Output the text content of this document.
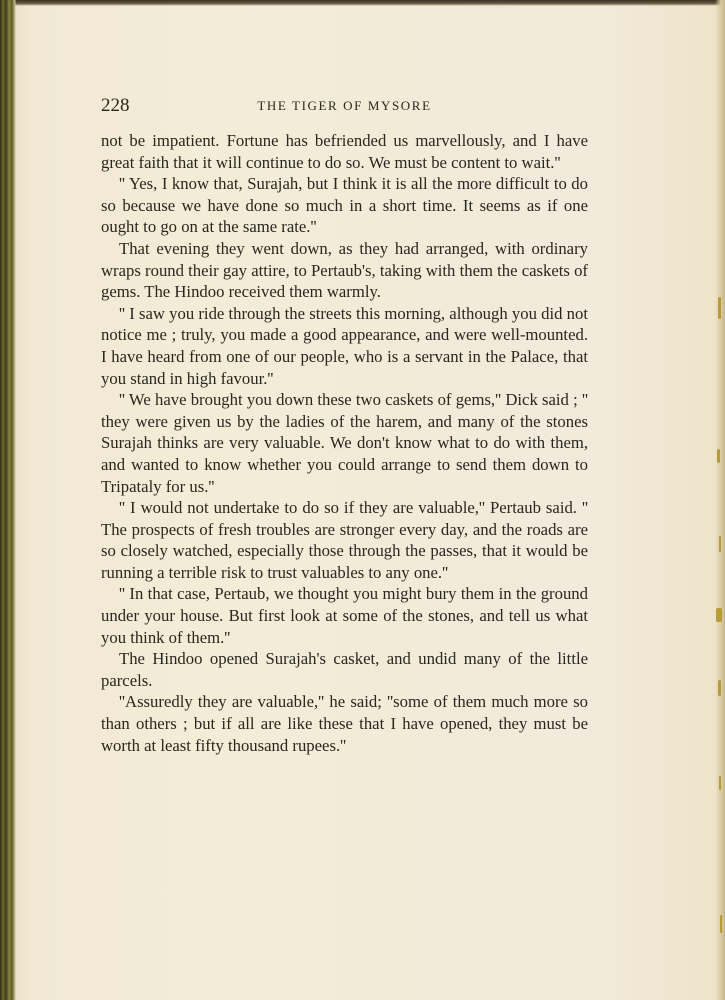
228	THE TIGER OF MYSORE

not be impatient. Fortune has befriended us marvellously, and I have great faith that it will continue to do so. We must be content to wait.''

'' Yes, I know that, Surajah, but I think it is all the more difficult to do so because we have done so much in a short time. It seems as if one ought to go on at the same rate.''

That evening they went down, as they had arranged, with ordinary wraps round their gay attire, to Pertaub's, taking with them the caskets of gems. The Hindoo received them warmly.

'' I saw you ride through the streets this morning, although you did not notice me ; truly, you made a good appearance, and were well-mounted. I have heard from one of our people, who is a servant in the Palace, that you stand in high favour.''

'' We have brought you down these two caskets of gems,'' Dick said ; '' they were given us by the ladies of the harem, and many of the stones Surajah thinks are very valuable. We don't know what to do with them, and wanted to know whether you could arrange to send them down to Tripataly for us.''

'' I would not undertake to do so if they are valuable,'' Pertaub said. '' The prospects of fresh troubles are stronger every day, and the roads are so closely watched, especially those through the passes, that it would be running a terrible risk to trust valuables to any one.''

'' In that case, Pertaub, we thought you might bury them in the ground under your house. But first look at some of the stones, and tell us what you think of them.''

The Hindoo opened Surajah's casket, and undid many of the little parcels.

''Assuredly they are valuable,'' he said; ''some of them much more so than others ; but if all are like these that I have opened, they must be worth at least fifty thousand rupees.''
